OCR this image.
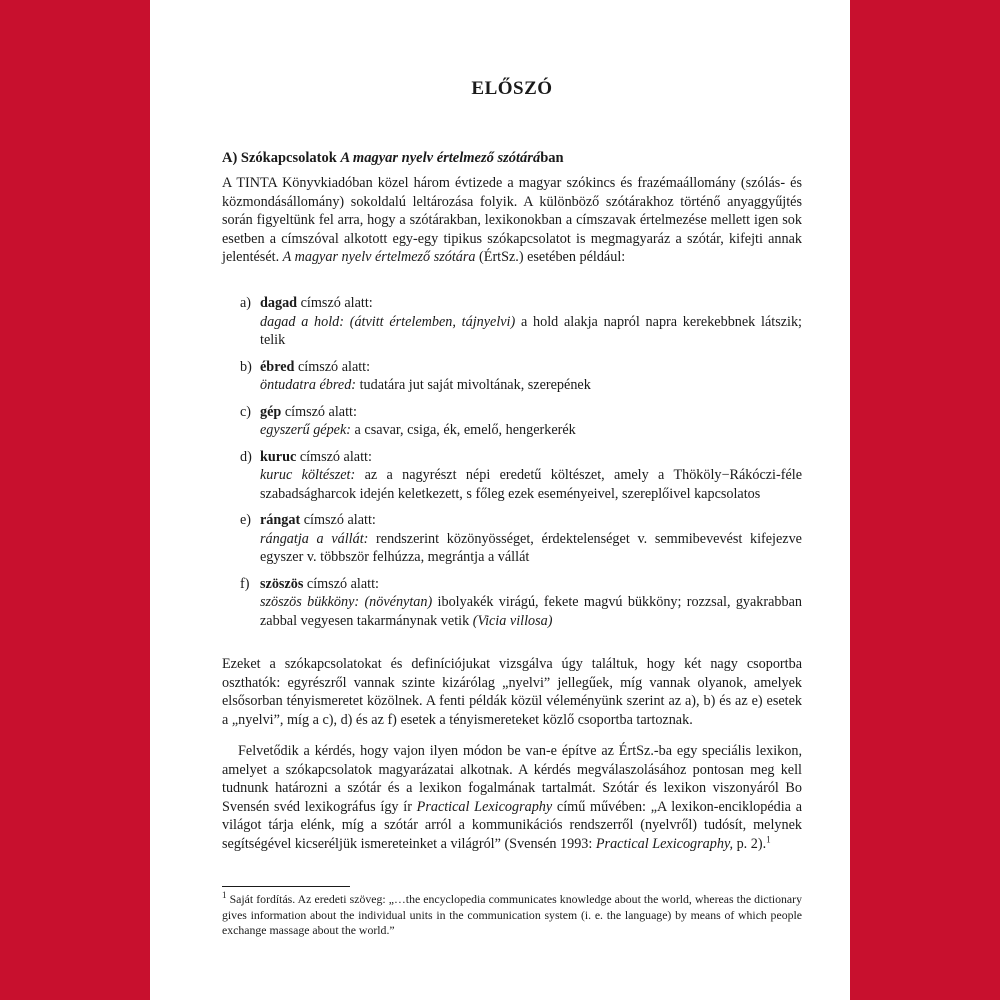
ELŐSZÓ
A) Szókapcsolatok A magyar nyelv értelmező szótárában

A TINTA Könyvkiadóban közel három évtizede a magyar szókincs és frazémaállomány (szólás- és közmondásállomány) sokoldalú leltározása folyik. A különböző szótárakhoz történő anyaggyűjtés során figyeltünk fel arra, hogy a szótárakban, lexikonokban a címszavak értelmezése mellett igen sok esetben a címszóval alkotott egy-egy tipikus szókapcsolatot is megmagyaráz a szótár, kifejti annak jelentését. A magyar nyelv értelmező szótára (ÉrtSz.) esetében például:

a) dagad címszó alatt:
dagad a hold: (átvitt értelemben, tájnyelvi) a hold alakja napról napra kerekebbnek látszik; telik
b) ébred címszó alatt:
öntudatra ébred: tudatára jut saját mivoltának, szerepének
c) gép címszó alatt:
egyszerű gépek: a csavar, csiga, ék, emelő, hengerkerék
d) kuruc címszó alatt:
kuruc költészet: az a nagyrészt népi eredetű költészet, amely a Thököly−Rákóczi-féle szabadságharcok idején keletkezett, s főleg ezek eseményeivel, szereplőivel kapcsolatos
e) rángat címszó alatt:
rángatja a vállát: rendszerint közönyösséget, érdektelenséget v. semmibevevést kifejezve egyszer v. többször felhúzza, megrántja a vállát
f) szöszös címszó alatt:
szöszös bükköny: (növénytan) ibolyakék virágú, fekete magvú bükköny; rozzsal, gyakrabban zabbal vegyesen takarmánynak vetik (Vicia villosa)

Ezeket a szókapcsolatokat és definíciójukat vizsgálva úgy találtuk, hogy két nagy csoportba oszthatók: egyrészről vannak szinte kizárólag „nyelvi” jellegűek, míg vannak olyanok, amelyek elsősorban tényismeretet közölnek. A fenti példák közül véleményünk szerint az a), b) és az e) esetek a „nyelvi”, míg a c), d) és az f) esetek a tényismereteket közlő csoportba tartoznak.

Felvetődik a kérdés, hogy vajon ilyen módon be van-e építve az ÉrtSz.-ba egy speciális lexikon, amelyet a szókapcsolatok magyarázatai alkotnak. A kérdés megválaszolásához pontosan meg kell tudnunk határozni a szótár és a lexikon fogalmának tartalmát. Szótár és lexikon viszonyáról Bo Svensén svéd lexikográfus így ír Practical Lexicography című művében: „A lexikon-enciklopédia a világot tárja elénk, míg a szótár arról a kommunikációs rendszerről (nyelvről) tudósít, melynek segítségével kicseréljük ismereteinket a világról” (Svensén 1993: Practical Lexicography, p. 2).$^1$

$^1$ Saját fordítás. Az eredeti szöveg: „…the encyclopedia communicates knowledge about the world, whereas the dictionary gives information about the individual units in the communication system (i. e. the language) by means of which people exchange massage about the world.”
